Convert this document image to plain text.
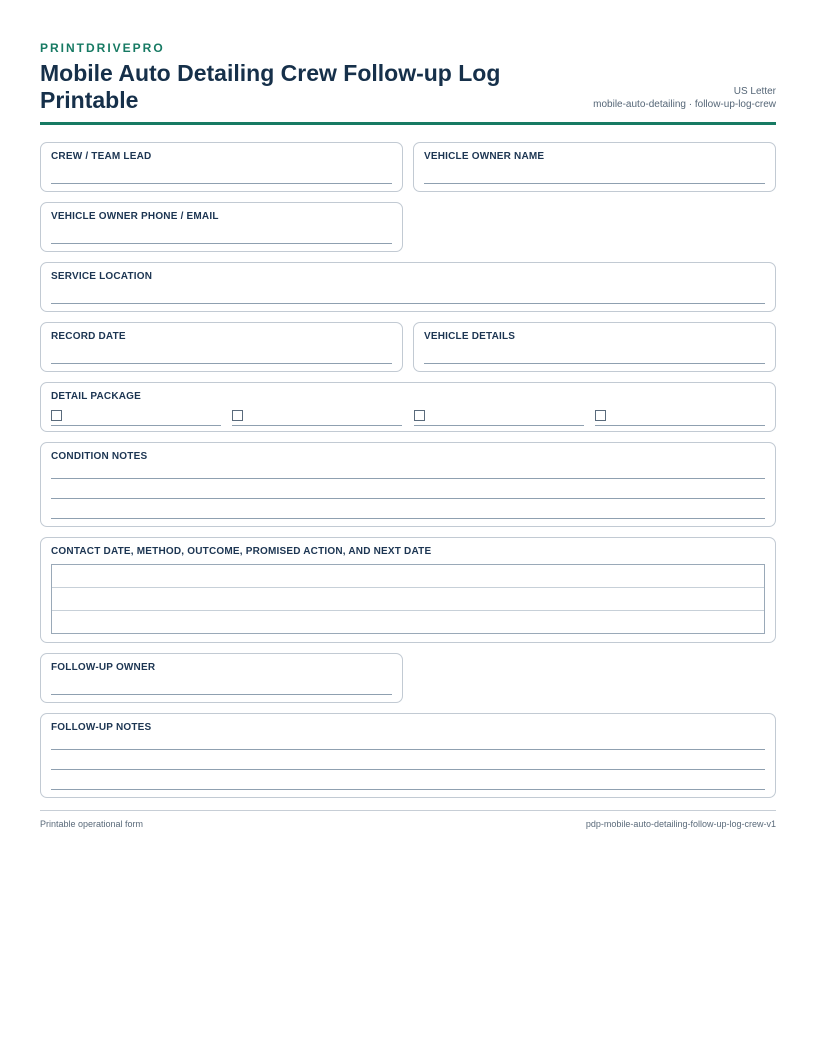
PRINTDRIVEPRO
Mobile Auto Detailing Crew Follow-up Log Printable	US Letter
mobile-auto-detailing · follow-up-log-crew
CREW / TEAM LEAD	VEHICLE OWNER NAME
VEHICLE OWNER PHONE / EMAIL
SERVICE LOCATION
RECORD DATE	VEHICLE DETAILS
DETAIL PACKAGE
CONDITION NOTES
CONTACT DATE, METHOD, OUTCOME, PROMISED ACTION, AND NEXT DATE
FOLLOW-UP OWNER
FOLLOW-UP NOTES
Printable operational form	pdp-mobile-auto-detailing-follow-up-log-crew-v1
